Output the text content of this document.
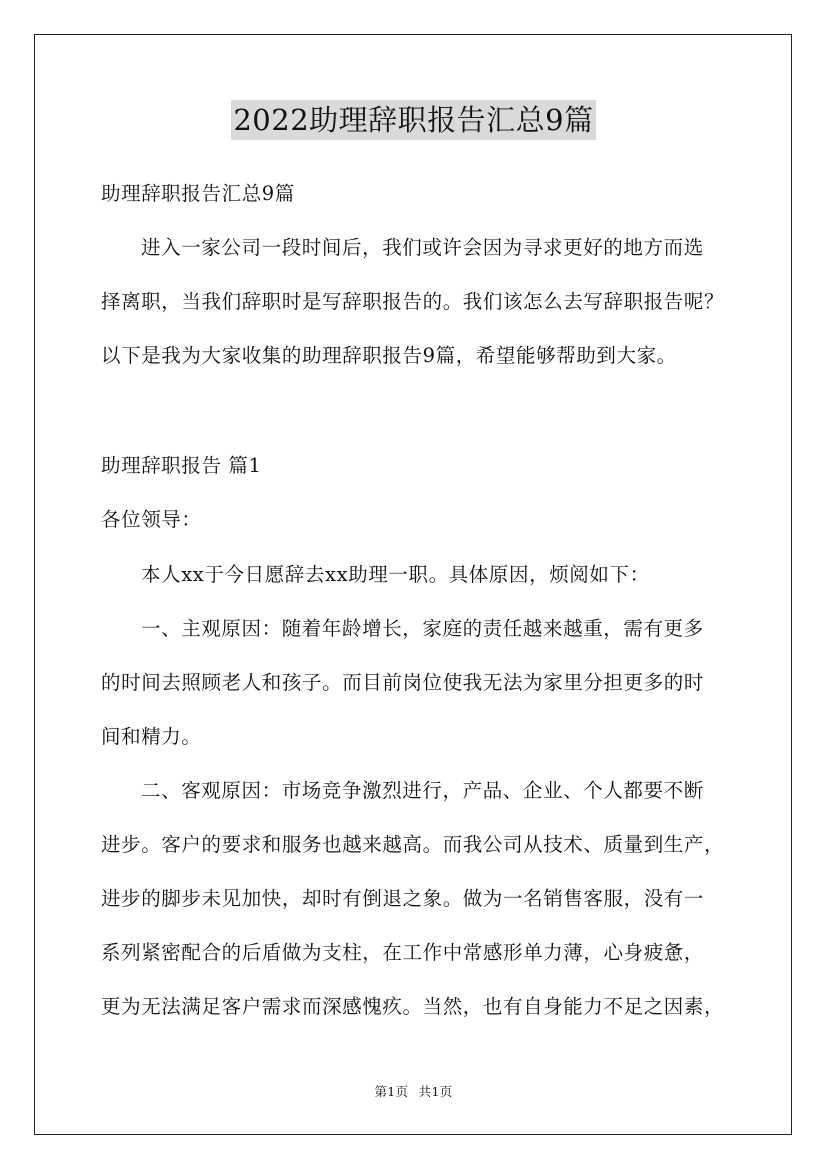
2022助理辞职报告汇总9篇
助理辞职报告汇总9篇
进入一家公司一段时间后，我们或许会因为寻求更好的地方而选
择离职，当我们辞职时是写辞职报告的。我们该怎么去写辞职报告呢？
以下是我为大家收集的助理辞职报告9篇，希望能够帮助到大家。
助理辞职报告 篇1
各位领导：
本人xx于今日愿辞去xx助理一职。具体原因，烦阅如下：
一、主观原因：随着年龄增长，家庭的责任越来越重，需有更多
的时间去照顾老人和孩子。而目前岗位使我无法为家里分担更多的时
间和精力。
二、客观原因：市场竞争激烈进行，产品、企业、个人都要不断
进步。客户的要求和服务也越来越高。而我公司从技术、质量到生产，
进步的脚步未见加快，却时有倒退之象。做为一名销售客服，没有一
系列紧密配合的后盾做为支柱，在工作中常感形单力薄，心身疲惫，
更为无法满足客户需求而深感愧疚。当然，也有自身能力不足之因素，
第1页 共1页
